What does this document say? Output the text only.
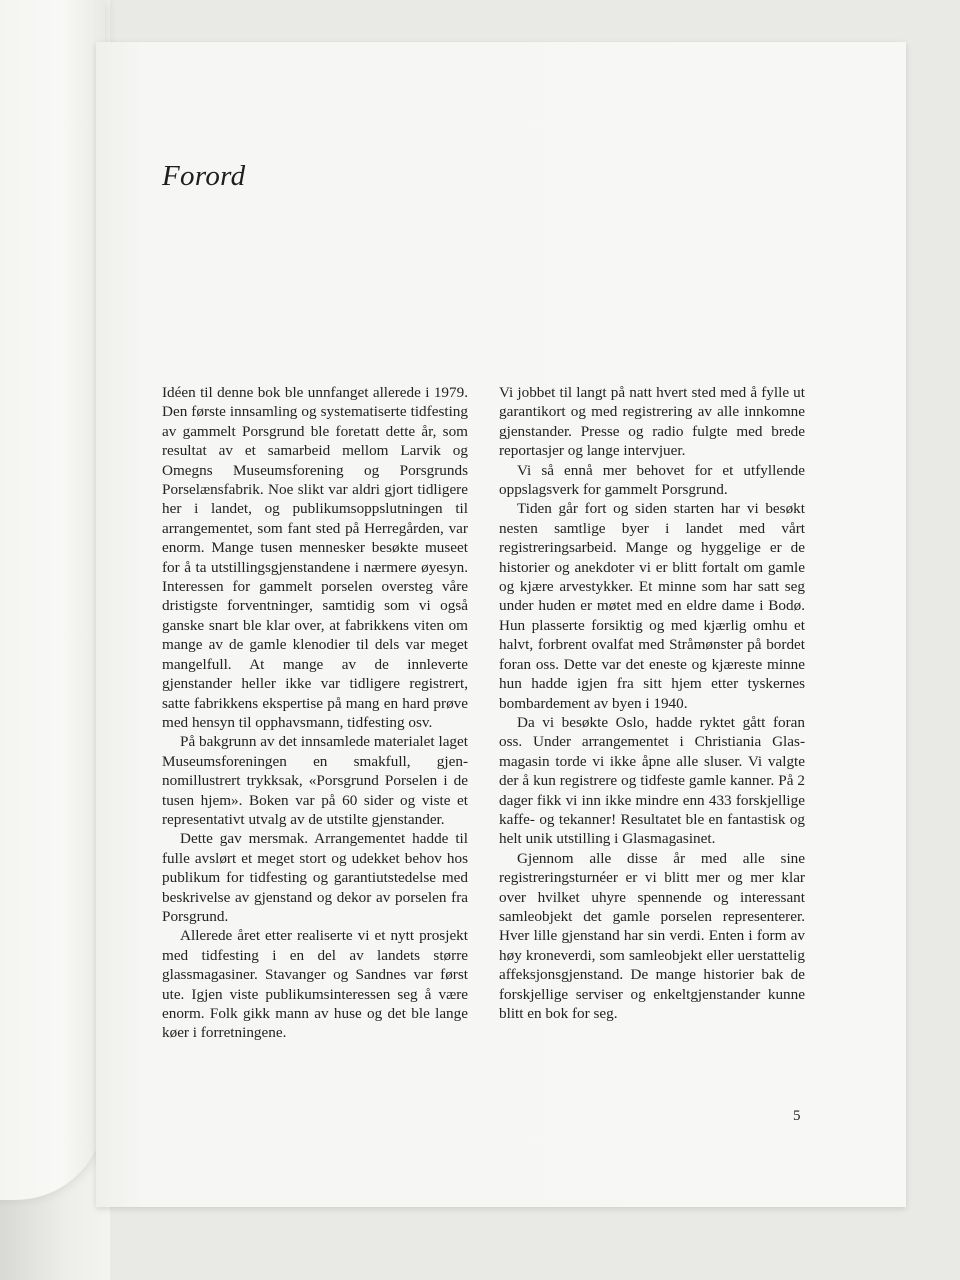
Forord

Idéen til denne bok ble unnfanget allerede i 1979. Den første innsamling og systematiserte tidfesting av gammelt Porsgrund ble foretatt dette år, som resultat av et samarbeid mellom Larvik og Omegns Museumsforening og Porsgrunds Porselænsfabrik. Noe slikt var aldri gjort tidligere her i landet, og publikumsoppslutningen til arrangementet, som fant sted på Herregården, var enorm. Mange tusen mennesker besøkte museet for å ta utstillingsgjenstandene i nærmere øyesyn. Interessen for gammelt porselen oversteg våre dristigste forventninger, samtidig som vi også ganske snart ble klar over, at fabrikkens viten om mange av de gamle klenodier til dels var meget mangelfull. At mange av de innleverte gjenstander heller ikke var tidligere registrert, satte fabrikkens ekspertise på mang en hard prøve med hensyn til opphavsmann, tidfesting osv.

På bakgrunn av det innsamlede materialet laget Museumsforeningen en smakfull, gjennomillustrert trykksak, «Porsgrund Porselen i de tusen hjem». Boken var på 60 sider og viste et representativt utvalg av de utstilte gjenstander.

Dette gav mersmak. Arrangementet hadde til fulle avslørt et meget stort og udekket behov hos publikum for tidfesting og garantiutstedelse med beskrivelse av gjenstand og dekor av porselen fra Porsgrund.

Allerede året etter realiserte vi et nytt prosjekt med tidfesting i en del av landets større glassmagasiner. Stavanger og Sandnes var først ute. Igjen viste publikumsinteressen seg å være enorm. Folk gikk mann av huse og det ble lange køer i forretningene.

Vi jobbet til langt på natt hvert sted med å fylle ut garantikort og med registrering av alle innkomne gjenstander. Presse og radio fulgte med brede reportasjer og lange intervjuer.

Vi så ennå mer behovet for et utfyllende oppslagsverk for gammelt Porsgrund.

Tiden går fort og siden starten har vi besøkt nesten samtlige byer i landet med vårt registreringsarbeid. Mange og hyggelige er de historier og anekdoter vi er blitt fortalt om gamle og kjære arvestykker. Et minne som har satt seg under huden er møtet med en eldre dame i Bodø. Hun plasserte forsiktig og med kjærlig omhu et halvt, forbrent ovalfat med Stråmønster på bordet foran oss. Dette var det eneste og kjæreste minne hun hadde igjen fra sitt hjem etter tyskernes bombardement av byen i 1940.

Da vi besøkte Oslo, hadde ryktet gått foran oss. Under arrangementet i Christiania Glasmagasin torde vi ikke åpne alle sluser. Vi valgte der å kun registrere og tidfeste gamle kanner. På 2 dager fikk vi inn ikke mindre enn 433 forskjellige kaffe- og tekanner! Resultatet ble en fantastisk og helt unik utstilling i Glasmagasinet.

Gjennom alle disse år med alle sine registreringsturnéer er vi blitt mer og mer klar over hvilket uhyre spennende og interessant samleobjekt det gamle porselen representerer. Hver lille gjenstand har sin verdi. Enten i form av høy kroneverdi, som samleobjekt eller uerstattelig affeksjonsgjenstand. De mange historier bak de forskjellige serviser og enkeltgjenstander kunne blitt en bok for seg.

5
